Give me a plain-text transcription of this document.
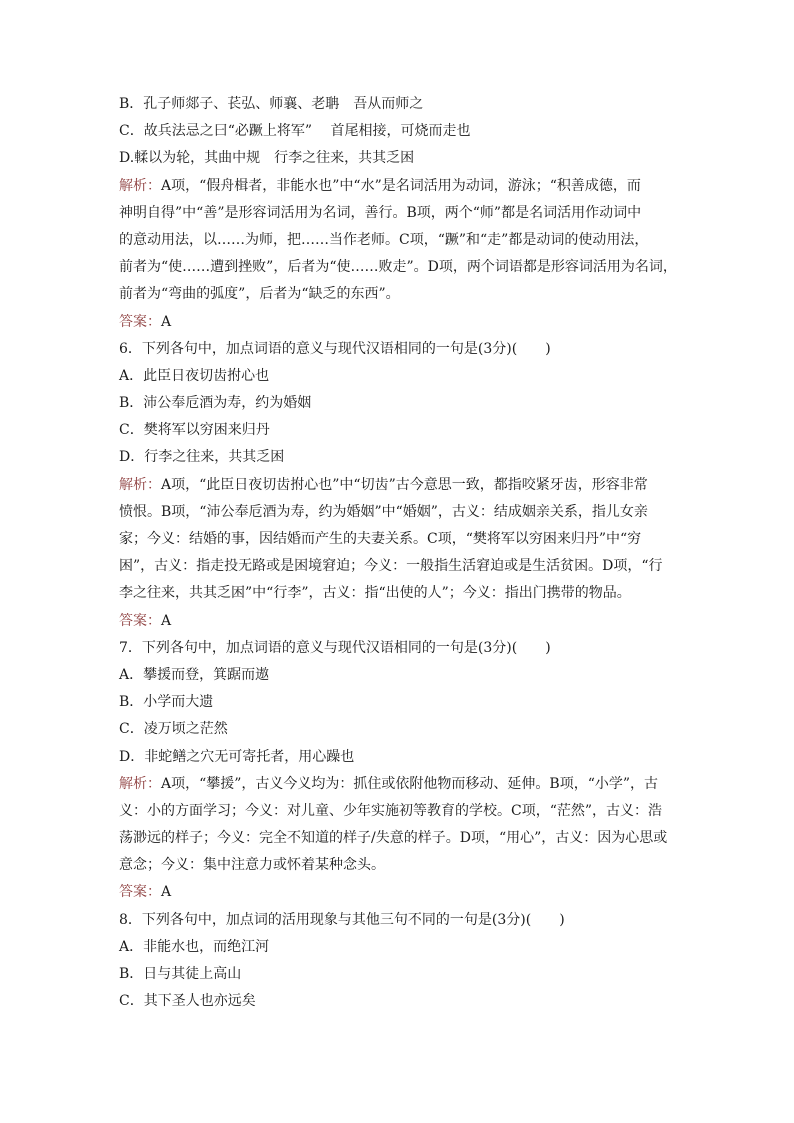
B．孔子师郯子、苌弘、师襄、老聃　吾从而师之
C．故兵法忌之曰“必蹶上将军”　 首尾相接，可烧而走也
D.輮以为轮，其曲中规　行李之往来，共其乏困
解析：A项，“假舟楫者，非能水也”中“水”是名词活用为动词，游泳；“积善成德，而
神明自得”中“善”是形容词活用为名词，善行。B项，两个“师”都是名词活用作动词中
的意动用法，以……为师，把……当作老师。C项，“蹶”和“走”都是动词的使动用法，
前者为“使……遭到挫败”，后者为“使……败走”。D项，两个词语都是形容词活用为名词，
前者为“弯曲的弧度”，后者为“缺乏的东西”。
答案：A
6．下列各句中，加点词语的意义与现代汉语相同的一句是(3分)(　　)
A．此臣日夜切齿拊心也
B．沛公奉卮酒为寿，约为婚姻
C．樊将军以穷困来归丹
D．行李之往来，共其乏困
解析：A项，“此臣日夜切齿拊心也”中“切齿”古今意思一致，都指咬紧牙齿，形容非常
愤恨。B项，“沛公奉卮酒为寿，约为婚姻”中“婚姻”，古义：结成姻亲关系，指儿女亲
家；今义：结婚的事，因结婚而产生的夫妻关系。C项，“樊将军以穷困来归丹”中“穷
困”，古义：指走投无路或是困境窘迫；今义：一般指生活窘迫或是生活贫困。D项，“行
李之往来，共其乏困”中“行李”，古义：指“出使的人”；今义：指出门携带的物品。
答案：A
7．下列各句中，加点词语的意义与现代汉语相同的一句是(3分)(　　)
A．攀援而登，箕踞而遨
B．小学而大遗
C．凌万顷之茫然
D．非蛇鳝之穴无可寄托者，用心躁也
解析：A项，“攀援”，古义今义均为：抓住或依附他物而移动、延伸。B项，“小学”，古
义：小的方面学习；今义：对儿童、少年实施初等教育的学校。C项，“茫然”，古义：浩
荡渺远的样子；今义：完全不知道的样子/失意的样子。D项，“用心”，古义：因为心思或
意念；今义：集中注意力或怀着某种念头。
答案：A
8．下列各句中，加点词的活用现象与其他三句不同的一句是(3分)(　　)
A．非能水也，而绝江河
B．日与其徒上高山
C．其下圣人也亦远矣
